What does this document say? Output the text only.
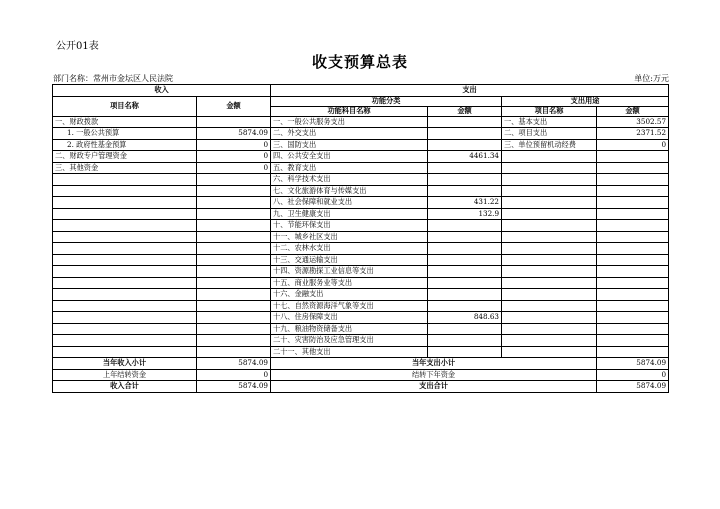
公开01表
收支预算总表
部门名称：常州市金坛区人民法院	单位:万元
收入		支出			
项目名称	金额	功能分类		支出用途	
		功能科目名称	金额	项目名称	金额
一、财政拨款		一、一般公共服务支出		一、基本支出	3502.57
1. 一般公共预算	5874.09	二、外交支出		二、项目支出	2371.52
2. 政府性基金预算	0	三、国防支出		三、单位预留机动经费	0
二、财政专户管理资金	0	四、公共安全支出	4461.34		
三、其他资金	0	五、教育支出			
		六、科学技术支出			
		七、文化旅游体育与传媒支出			
		八、社会保障和就业支出	431.22		
		九、卫生健康支出	132.9		
		十、节能环保支出			
		十一、城乡社区支出			
		十二、农林水支出			
		十三、交通运输支出			
		十四、资源勘探工业信息等支出			
		十五、商业服务业等支出			
		十六、金融支出			
		十七、自然资源海洋气象等支出			
		十八、住房保障支出	848.63		
		十九、粮油物资储备支出			
		二十、灾害防治及应急管理支出			
		二十一、其他支出			
当年收入小计	5874.09	当年支出小计			5874.09
上年结转资金	0	结转下年资金			0
收入合计	5874.09	支出合计			5874.09
